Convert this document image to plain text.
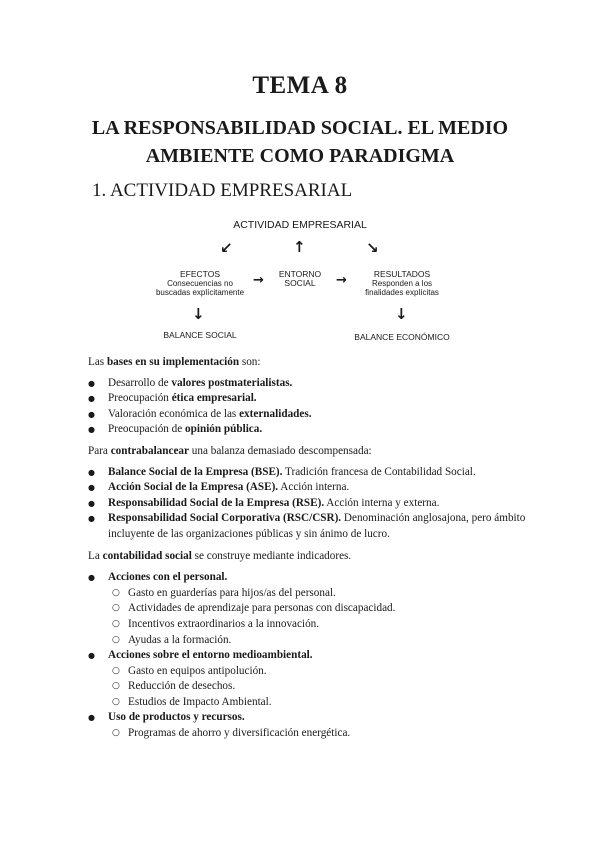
TEMA 8
LA RESPONSABILIDAD SOCIAL. EL MEDIO AMBIENTE COMO PARADIGMA
1. ACTIVIDAD EMPRESARIAL
ACTIVIDAD EMPRESARIAL
↙	↑	↘
EFECTOS
Consecuencias no
buscadas explícitamente
→	ENTORNO
SOCIAL	→	RESULTADOS
Responden a los
finalidades explícitas
↓	↓
BALANCE SOCIAL	BALANCE ECONÓMICO

Las bases en su implementación son:

● Desarrollo de valores postmaterialistas.
● Preocupación ética empresarial.
● Valoración económica de las externalidades.
● Preocupación de opinión pública.

Para contrabalancear una balanza demasiado descompensada:

● Balance Social de la Empresa (BSE). Tradición francesa de Contabilidad Social.
● Acción Social de la Empresa (ASE). Acción interna.
● Responsabilidad Social de la Empresa (RSE). Acción interna y externa.
● Responsabilidad Social Corporativa (RSC/CSR). Denominación anglosajona, pero ámbito incluyente de las organizaciones públicas y sin ánimo de lucro.

La contabilidad social se construye mediante indicadores.

● Acciones con el personal.
○ Gasto en guarderías para hijos/as del personal.
○ Actividades de aprendizaje para personas con discapacidad.
○ Incentivos extraordinarios a la innovación.
○ Ayudas a la formación.
● Acciones sobre el entorno medioambiental.
○ Gasto en equipos antipolución.
○ Reducción de desechos.
○ Estudios de Impacto Ambiental.
● Uso de productos y recursos.
○ Programas de ahorro y diversificación energética.
